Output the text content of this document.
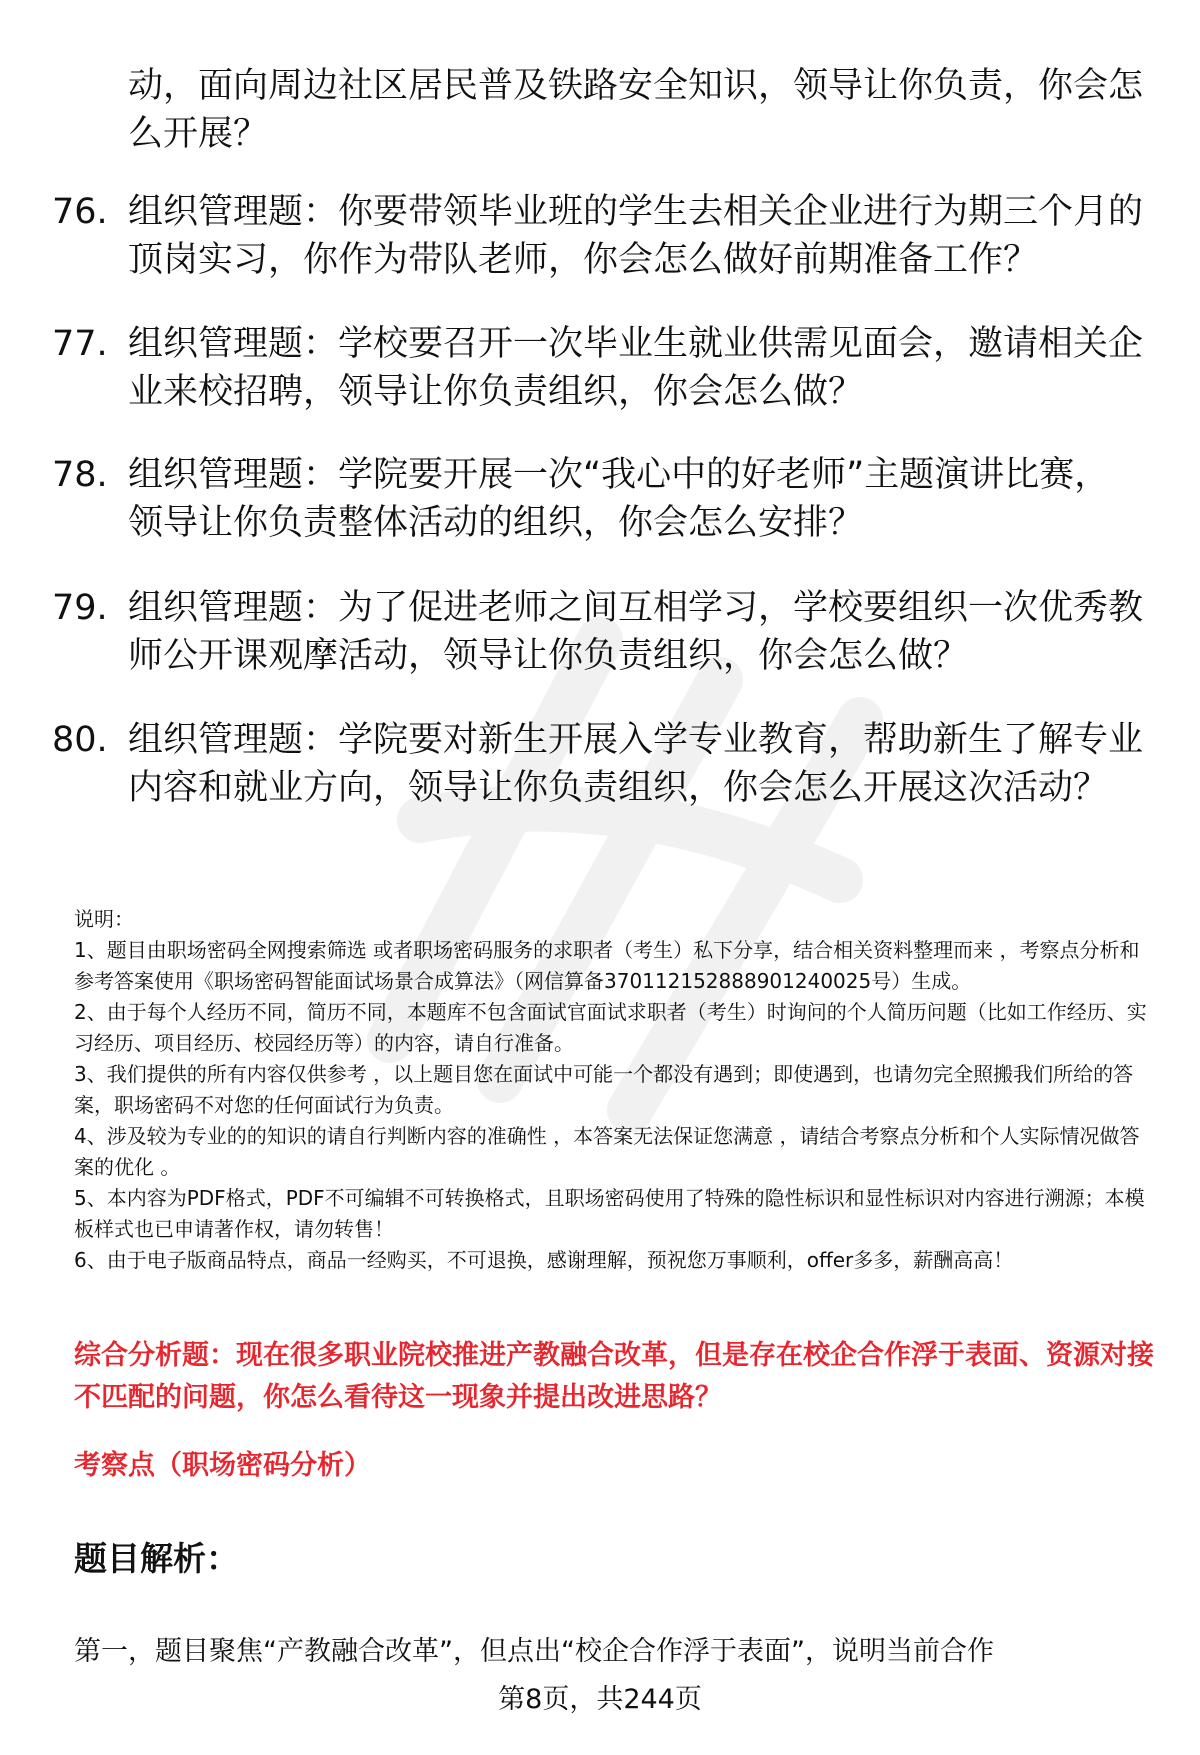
动，面向周边社区居民普及铁路安全知识，领导让你负责，你会怎么开展？
76. 组织管理题：你要带领毕业班的学生去相关企业进行为期三个月的顶岗实习，你作为带队老师，你会怎么做好前期准备工作？
77. 组织管理题：学校要召开一次毕业生就业供需见面会，邀请相关企业来校招聘，领导让你负责组织，你会怎么做？
78. 组织管理题：学院要开展一次“我心中的好老师”主题演讲比赛，领导让你负责整体活动的组织，你会怎么安排？
79. 组织管理题：为了促进老师之间互相学习，学校要组织一次优秀教师公开课观摩活动，领导让你负责组织，你会怎么做？
80. 组织管理题：学院要对新生开展入学专业教育，帮助新生了解专业内容和就业方向，领导让你负责组织，你会怎么开展这次活动？

说明：

1、题目由职场密码全网搜索筛选 或者职场密码服务的求职者（考生）私下分享，结合相关资料整理而来 ，考察点分析和参考答案使用《职场密码智能面试场景合成算法》（网信算备370112152888901240025号）生成。

2、由于每个人经历不同，简历不同，本题库不包含面试官面试求职者（考生）时询问的个人简历问题（比如工作经历、实习经历、项目经历、校园经历等）的内容，请自行准备。

3、我们提供的所有内容仅供参考 ，以上题目您在面试中可能一个都没有遇到；即使遇到，也请勿完全照搬我们所给的答案，职场密码不对您的任何面试行为负责。

4、涉及较为专业的的知识的请自行判断内容的准确性 ，本答案无法保证您满意 ，请结合考察点分析和个人实际情况做答案的优化 。

5、本内容为PDF格式，PDF不可编辑不可转换格式，且职场密码使用了特殊的隐性标识和显性标识对内容进行溯源；本模板样式也已申请著作权，请勿转售！

6、由于电子版商品特点，商品一经购买，不可退换，感谢理解，预祝您万事顺利，offer多多，薪酬高高！

综合分析题：现在很多职业院校推进产教融合改革，但是存在校企合作浮于表面、资源对接不匹配的问题，你怎么看待这一现象并提出改进思路？
考察点（职场密码分析）
题目解析：
第一，题目聚焦“产教融合改革”，但点出“校企合作浮于表面”，说明当前合作
第8页，共244页
